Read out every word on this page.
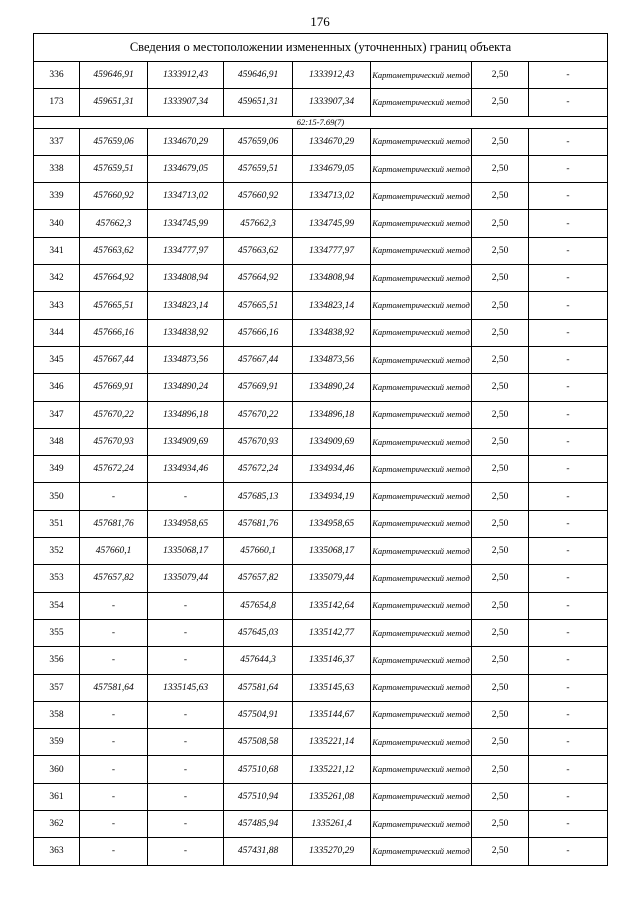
176
Сведения о местоположении измененных (уточненных) границ объекта							
336	459646,91	1333912,43	459646,91	1333912,43	Картометрический метод	2,50	-
173	459651,31	1333907,34	459651,31	1333907,34	Картометрический метод	2,50	-
62:15-7.69(7)							
337	457659,06	1334670,29	457659,06	1334670,29	Картометрический метод	2,50	-
338	457659,51	1334679,05	457659,51	1334679,05	Картометрический метод	2,50	-
339	457660,92	1334713,02	457660,92	1334713,02	Картометрический метод	2,50	-
340	457662,3	1334745,99	457662,3	1334745,99	Картометрический метод	2,50	-
341	457663,62	1334777,97	457663,62	1334777,97	Картометрический метод	2,50	-
342	457664,92	1334808,94	457664,92	1334808,94	Картометрический метод	2,50	-
343	457665,51	1334823,14	457665,51	1334823,14	Картометрический метод	2,50	-
344	457666,16	1334838,92	457666,16	1334838,92	Картометрический метод	2,50	-
345	457667,44	1334873,56	457667,44	1334873,56	Картометрический метод	2,50	-
346	457669,91	1334890,24	457669,91	1334890,24	Картометрический метод	2,50	-
347	457670,22	1334896,18	457670,22	1334896,18	Картометрический метод	2,50	-
348	457670,93	1334909,69	457670,93	1334909,69	Картометрический метод	2,50	-
349	457672,24	1334934,46	457672,24	1334934,46	Картометрический метод	2,50	-
350	-	-	457685,13	1334934,19	Картометрический метод	2,50	-
351	457681,76	1334958,65	457681,76	1334958,65	Картометрический метод	2,50	-
352	457660,1	1335068,17	457660,1	1335068,17	Картометрический метод	2,50	-
353	457657,82	1335079,44	457657,82	1335079,44	Картометрический метод	2,50	-
354	-	-	457654,8	1335142,64	Картометрический метод	2,50	-
355	-	-	457645,03	1335142,77	Картометрический метод	2,50	-
356	-	-	457644,3	1335146,37	Картометрический метод	2,50	-
357	457581,64	1335145,63	457581,64	1335145,63	Картометрический метод	2,50	-
358	-	-	457504,91	1335144,67	Картометрический метод	2,50	-
359	-	-	457508,58	1335221,14	Картометрический метод	2,50	-
360	-	-	457510,68	1335221,12	Картометрический метод	2,50	-
361	-	-	457510,94	1335261,08	Картометрический метод	2,50	-
362	-	-	457485,94	1335261,4	Картометрический метод	2,50	-
363	-	-	457431,88	1335270,29	Картометрический метод	2,50	-
